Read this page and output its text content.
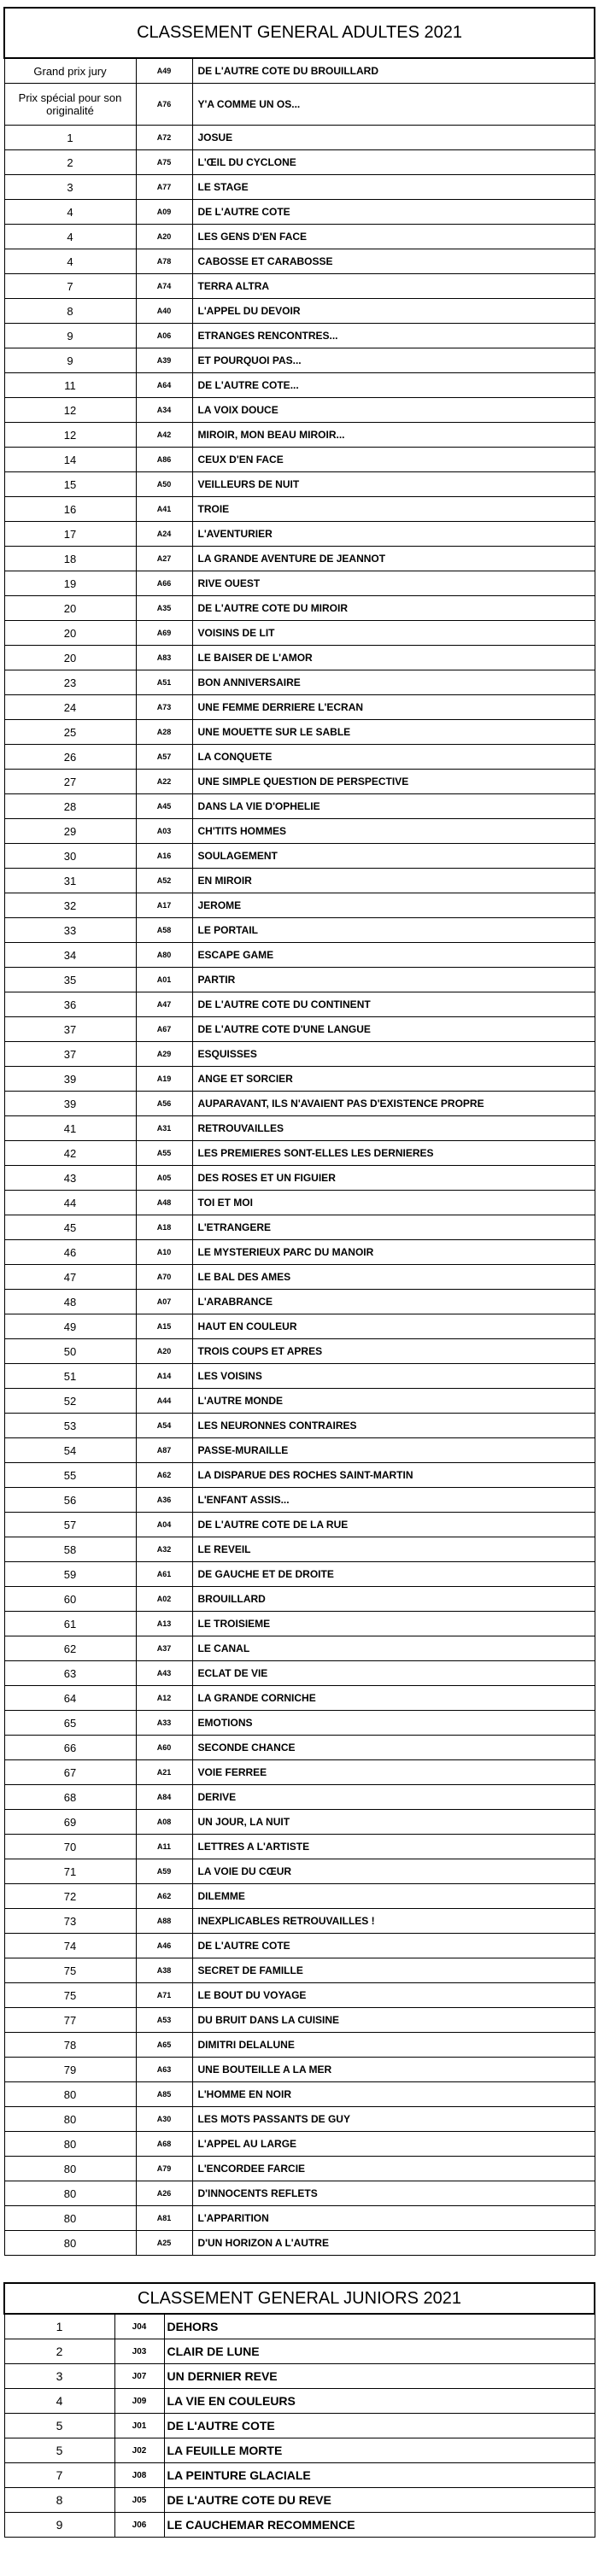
CLASSEMENT GENERAL ADULTES 2021		
Grand prix jury	A49	DE L'AUTRE COTE DU BROUILLARD
Prix spécial pour son originalité	A76	Y'A COMME UN OS...
1	A72	JOSUE
2	A75	L'ŒIL DU CYCLONE
3	A77	LE STAGE
4	A09	DE L'AUTRE COTE
4	A20	LES GENS D'EN FACE
4	A78	CABOSSE ET CARABOSSE
7	A74	TERRA ALTRA
8	A40	L'APPEL DU DEVOIR
9	A06	ETRANGES RENCONTRES...
9	A39	ET POURQUOI PAS...
11	A64	DE L'AUTRE COTE...
12	A34	LA VOIX DOUCE
12	A42	MIROIR, MON BEAU MIROIR...
14	A86	CEUX D'EN FACE
15	A50	VEILLEURS DE NUIT
16	A41	TROIE
17	A24	L'AVENTURIER
18	A27	LA GRANDE AVENTURE DE JEANNOT
19	A66	RIVE OUEST
20	A35	DE L'AUTRE COTE DU MIROIR
20	A69	VOISINS DE LIT
20	A83	LE BAISER DE L'AMOR
23	A51	BON ANNIVERSAIRE
24	A73	UNE FEMME DERRIERE L'ECRAN
25	A28	UNE MOUETTE SUR LE SABLE
26	A57	LA CONQUETE
27	A22	UNE SIMPLE QUESTION DE PERSPECTIVE
28	A45	DANS LA VIE D'OPHELIE
29	A03	CH'TITS HOMMES
30	A16	SOULAGEMENT
31	A52	EN MIROIR
32	A17	JEROME
33	A58	LE PORTAIL
34	A80	ESCAPE GAME
35	A01	PARTIR
36	A47	DE L'AUTRE COTE DU CONTINENT
37	A67	DE L'AUTRE COTE D'UNE LANGUE
37	A29	ESQUISSES
39	A19	ANGE ET SORCIER
39	A56	AUPARAVANT, ILS N'AVAIENT PAS D'EXISTENCE PROPRE
41	A31	RETROUVAILLES
42	A55	LES PREMIERES SONT-ELLES LES DERNIERES
43	A05	DES ROSES ET UN FIGUIER
44	A48	TOI ET MOI
45	A18	L'ETRANGERE
46	A10	LE MYSTERIEUX PARC DU MANOIR
47	A70	LE BAL DES AMES
48	A07	L'ARABRANCE
49	A15	HAUT EN COULEUR
50	A20	TROIS COUPS ET APRES
51	A14	LES VOISINS
52	A44	L'AUTRE MONDE
53	A54	LES NEURONNES CONTRAIRES
54	A87	PASSE-MURAILLE
55	A62	LA DISPARUE DES ROCHES SAINT-MARTIN
56	A36	L'ENFANT ASSIS...
57	A04	DE L'AUTRE COTE DE LA RUE
58	A32	LE REVEIL
59	A61	DE GAUCHE ET DE DROITE
60	A02	BROUILLARD
61	A13	LE TROISIEME
62	A37	LE CANAL
63	A43	ECLAT DE VIE
64	A12	LA GRANDE CORNICHE
65	A33	EMOTIONS
66	A60	SECONDE CHANCE
67	A21	VOIE FERREE
68	A84	DERIVE
69	A08	UN JOUR, LA NUIT
70	A11	LETTRES A L'ARTISTE
71	A59	LA VOIE DU CŒUR
72	A62	DILEMME
73	A88	INEXPLICABLES RETROUVAILLES !
74	A46	DE L'AUTRE COTE
75	A38	SECRET DE FAMILLE
75	A71	LE BOUT DU VOYAGE
77	A53	DU BRUIT DANS LA CUISINE
78	A65	DIMITRI DELALUNE
79	A63	UNE BOUTEILLE A LA MER
80	A85	L'HOMME EN NOIR
80	A30	LES MOTS PASSANTS DE GUY
80	A68	L'APPEL AU LARGE
80	A79	L'ENCORDEE FARCIE
80	A26	D'INNOCENTS REFLETS
80	A81	L'APPARITION
80	A25	D'UN HORIZON A L'AUTRE
CLASSEMENT GENERAL JUNIORS 2021		
1	J04	DEHORS
2	J03	CLAIR DE LUNE
3	J07	UN DERNIER REVE
4	J09	LA VIE EN COULEURS
5	J01	DE L'AUTRE COTE
5	J02	LA FEUILLE MORTE
7	J08	LA PEINTURE GLACIALE
8	J05	DE L'AUTRE COTE DU REVE
9	J06	LE CAUCHEMAR RECOMMENCE
